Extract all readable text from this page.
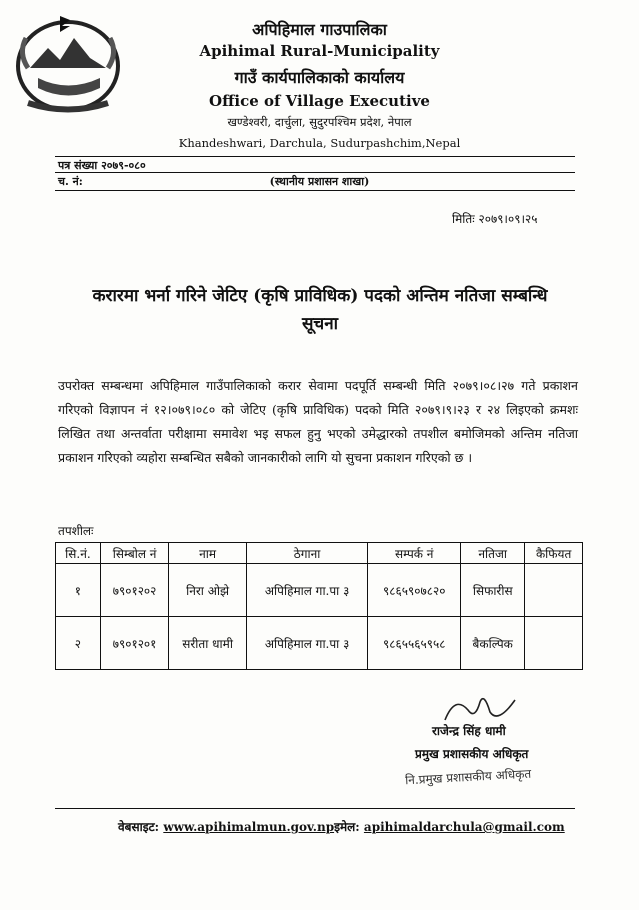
अपिहिमाल गाउपालिका
Apihimal Rural-Municipality
गाउँ कार्यपालिकाको कार्यालय
Office of Village Executive
खण्डेश्वरी, दार्चुला, सुदुरपश्चिम प्रदेश, नेपाल
Khandeshwari, Darchula, Sudurpashchim,Nepal
पत्र संख्या २०७९-०८०
च. नं:	(स्थानीय प्रशासन शाखा)
मितिः २०७९।०९।२५
करारमा भर्ना गरिने जेटिए (कृषि प्राविधिक) पदको अन्तिम नतिजा सम्बन्धि
सूचना
उपरोक्त सम्बन्धमा अपिहिमाल गाउँपालिकाको करार सेवामा पदपूर्ति सम्बन्धी मिति २०७९।०८।२७ गते प्रकाशन गरिएको विज्ञापन नं १२।०७९।०८० को जेटिए (कृषि प्राविधिक) पदको मिति २०७९।९।२३ र २४ लिइएको क्रमशः लिखित तथा अन्तर्वाता परीक्षामा समावेश भइ सफल हुनु भएको उमेद्धारको तपशील बमोजिमको अन्तिम नतिजा प्रकाशन गरिएको व्यहोरा सम्बन्धित सबैको जानकारीको लागि यो सुचना प्रकाशन गरिएको छ ।
तपशीलः
सि.नं.	सिम्बोल नं	नाम	ठेगाना	सम्पर्क नं	नतिजा	कैफियत
१	७९०१२०२	निरा ओझे	अपिहिमाल गा.पा ३	९८६५९०७८२०	सिफारीस	
२	७९०१२०१	सरीता धामी	अपिहिमाल गा.पा ३	९८६५५६५९५८	बैकल्पिक	
राजेन्द्र सिंह धामी
प्रमुख प्रशासकीय अधिकृत
नि.प्रमुख प्रशासकीय अधिकृत
वेबसाइट: www.apihimalmun.gov.npइमेल: apihimaldarchula@gmail.com
